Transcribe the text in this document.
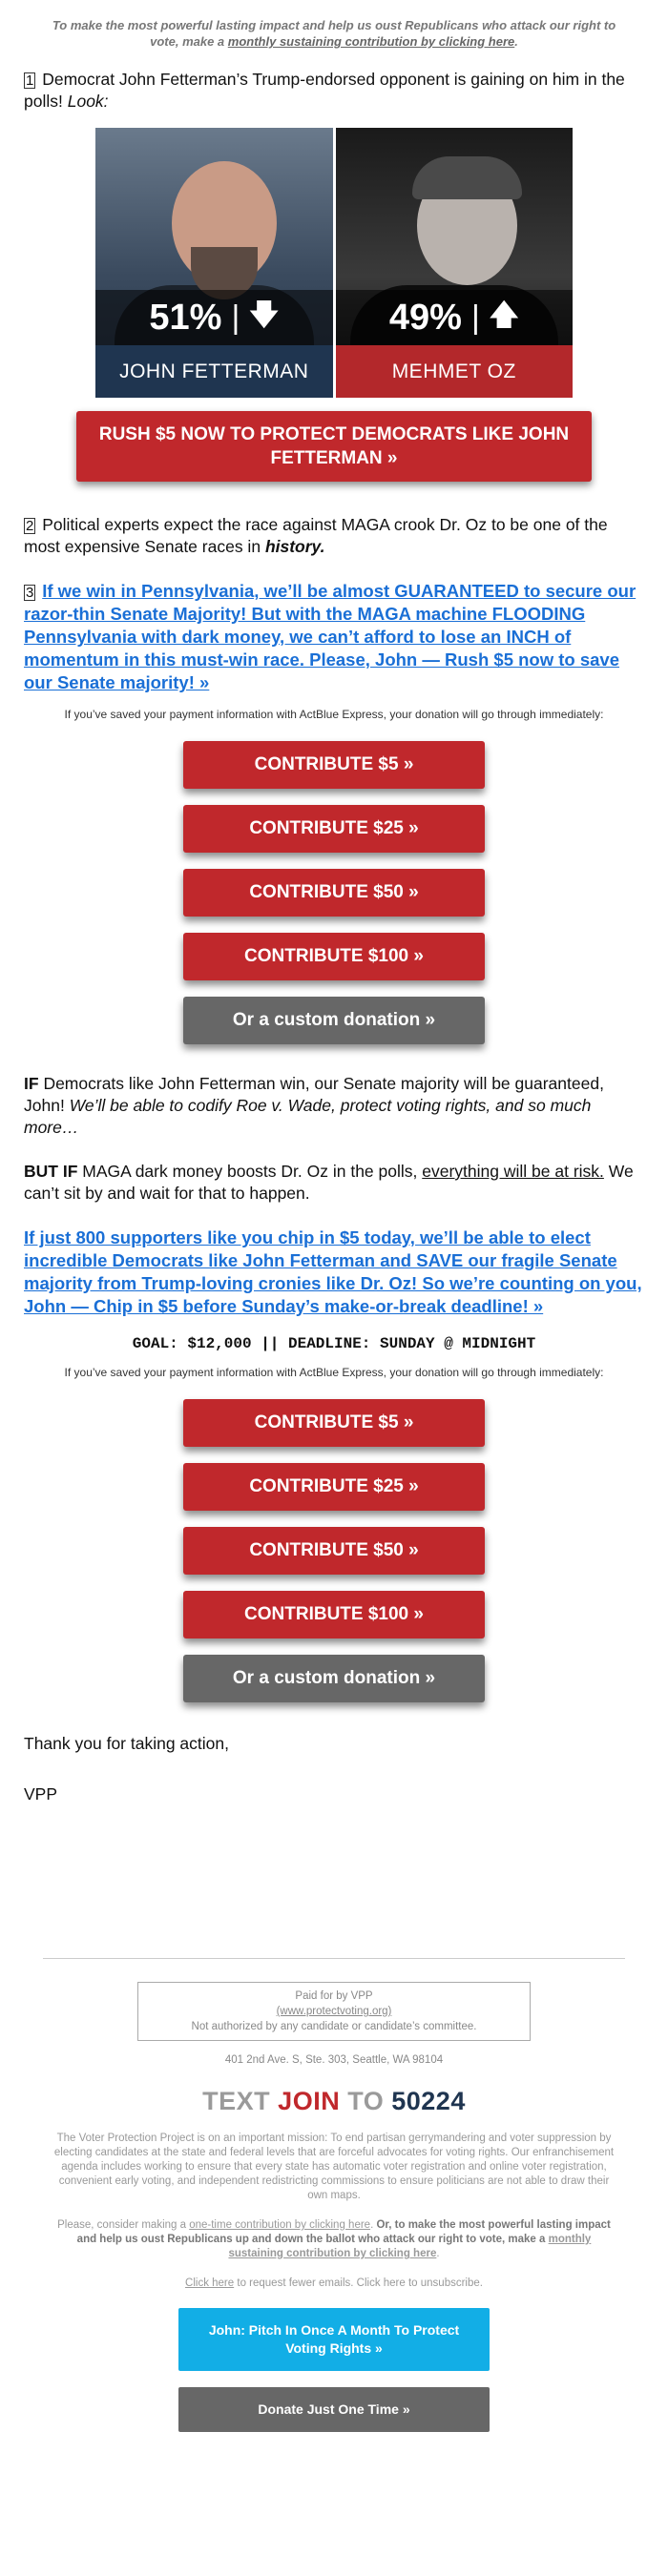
To make the most powerful lasting impact and help us oust Republicans who attack our right to vote, make a monthly sustaining contribution by clicking here.

1 Democrat John Fetterman’s Trump-endorsed opponent is gaining on him in the polls! Look:

51% | 🡇
JOHN FETTERMAN
49% | 🡅
MEHMET OZ
RUSH $5 NOW TO PROTECT DEMOCRATS LIKE JOHN FETTERMAN »

2 Political experts expect the race against MAGA crook Dr. Oz to be one of the most expensive Senate races in history.

3 If we win in Pennsylvania, we’ll be almost GUARANTEED to secure our razor-thin Senate Majority! But with the MAGA machine FLOODING Pennsylvania with dark money, we can’t afford to lose an INCH of momentum in this must-win race. Please, John — Rush $5 now to save our Senate majority! »

If you’ve saved your payment information with ActBlue Express, your donation will go through immediately:
CONTRIBUTE $5 »
CONTRIBUTE $25 »
CONTRIBUTE $50 »
CONTRIBUTE $100 »
Or a custom donation »

IF Democrats like John Fetterman win, our Senate majority will be guaranteed, John! We’ll be able to codify Roe v. Wade, protect voting rights, and so much more…

BUT IF MAGA dark money boosts Dr. Oz in the polls, everything will be at risk. We can’t sit by and wait for that to happen.

If just 800 supporters like you chip in $5 today, we’ll be able to elect incredible Democrats like John Fetterman and SAVE our fragile Senate majority from Trump-loving cronies like Dr. Oz! So we’re counting on you, John — Chip in $5 before Sunday’s make-or-break deadline! »

GOAL: $12,000 || DEADLINE: SUNDAY @ MIDNIGHT
If you’ve saved your payment information with ActBlue Express, your donation will go through immediately:
CONTRIBUTE $5 »
CONTRIBUTE $25 »
CONTRIBUTE $50 »
CONTRIBUTE $100 »
Or a custom donation »

Thank you for taking action,

VPP

Paid for by VPP
(www.protectvoting.org)
Not authorized by any candidate or candidate’s committee.
401 2nd Ave. S, Ste. 303, Seattle, WA 98104
TEXT JOIN TO 50224
The Voter Protection Project is on an important mission: To end partisan gerrymandering and voter suppression by electing candidates at the state and federal levels that are forceful advocates for voting rights. Our enfranchisement agenda includes working to ensure that every state has automatic voter registration and online voter registration, convenient early voting, and independent redistricting commissions to ensure politicians are not able to draw their own maps.
Please, consider making a one-time contribution by clicking here. Or, to make the most powerful lasting impact and help us oust Republicans up and down the ballot who attack our right to vote, make a monthly sustaining contribution by clicking here.
Click here to request fewer emails. Click here to unsubscribe.
John: Pitch In Once A Month To Protect Voting Rights »
Donate Just One Time »
